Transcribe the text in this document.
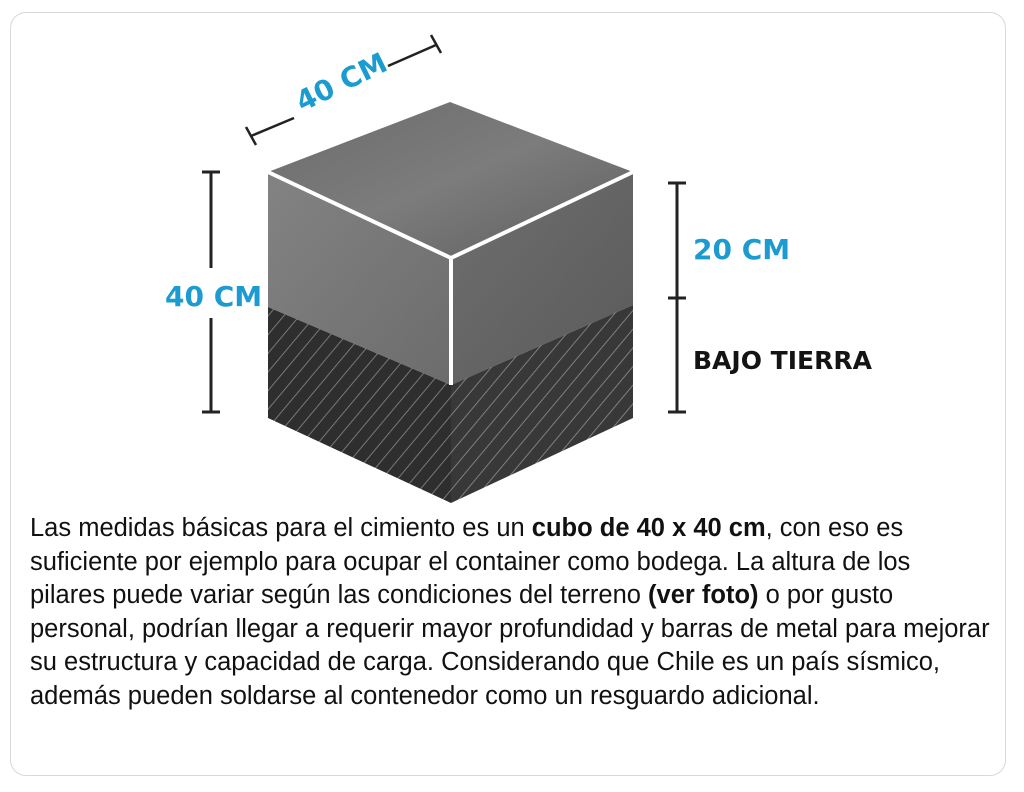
40 CM
40 CM
20 CM
BAJO TIERRA

Las medidas básicas para el cimiento es un cubo de 40 x 40 cm, con eso es suficiente por ejemplo para ocupar el container como bodega. La altura de los pilares puede variar según las condiciones del terreno (ver foto) o por gusto personal, podrían llegar a requerir mayor profundidad y barras de metal para mejorar su estructura y capacidad de carga. Considerando que Chile es un país sísmico, además pueden soldarse al contenedor como un resguardo adicional.
